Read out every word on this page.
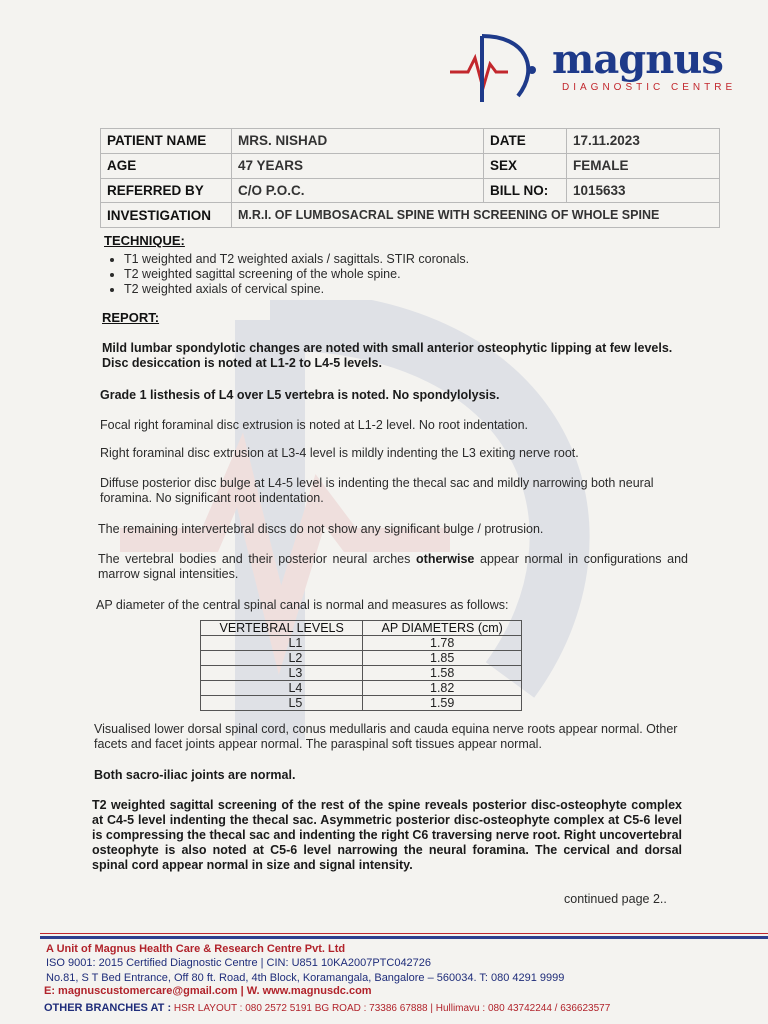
magnus
DIAGNOSTIC CENTRE
PATIENT NAME	MRS. NISHAD	DATE	17.11.2023
AGE	47 YEARS	SEX	FEMALE
REFERRED BY	C/O P.O.C.	BILL NO:	1015633
INVESTIGATION	M.R.I. OF LUMBOSACRAL SPINE WITH SCREENING OF WHOLE SPINE		
TECHNIQUE:
• T1 weighted and T2 weighted axials / sagittals. STIR coronals.
• T2 weighted sagittal screening of the whole spine.
• T2 weighted axials of cervical spine.
REPORT:
Mild lumbar spondylotic changes are noted with small anterior osteophytic lipping at few levels. Disc desiccation is noted at L1-2 to L4-5 levels.
Grade 1 listhesis of L4 over L5 vertebra is noted. No spondylolysis.
Focal right foraminal disc extrusion is noted at L1-2 level. No root indentation.
Right foraminal disc extrusion at L3-4 level is mildly indenting the L3 exiting nerve root.
Diffuse posterior disc bulge at L4-5 level is indenting the thecal sac and mildly narrowing both neural foramina. No significant root indentation.
The remaining intervertebral discs do not show any significant bulge / protrusion.
The vertebral bodies and their posterior neural arches otherwise appear normal in configurations and marrow signal intensities.
AP diameter of the central spinal canal is normal and measures as follows:
VERTEBRAL LEVELS	AP DIAMETERS (cm)
L1	1.78
L2	1.85
L3	1.58
L4	1.82
L5	1.59
Visualised lower dorsal spinal cord, conus medullaris and cauda equina nerve roots appear normal. Other facets and facet joints appear normal. The paraspinal soft tissues appear normal.
Both sacro-iliac joints are normal.
T2 weighted sagittal screening of the rest of the spine reveals posterior disc-osteophyte complex at C4-5 level indenting the thecal sac. Asymmetric posterior disc-osteophyte complex at C5-6 level is compressing the thecal sac and indenting the right C6 traversing nerve root. Right uncovertebral osteophyte is also noted at C5-6 level narrowing the neural foramina. The cervical and dorsal spinal cord appear normal in size and signal intensity.
continued page 2..
A Unit of Magnus Health Care & Research Centre Pvt. Ltd
ISO 9001: 2015 Certified Diagnostic Centre | CIN: U851 10KA2007PTC042726
No.81, S T Bed Entrance, Off 80 ft. Road, 4th Block, Koramangala, Bangalore – 560034. T: 080 4291 9999
E: magnuscustomercare@gmail.com | W. www.magnusdc.com
OTHER BRANCHES AT : HSR LAYOUT : 080 2572 5191 BG ROAD : 73386 67888 | Hullimavu : 080 43742244 / 636623577
